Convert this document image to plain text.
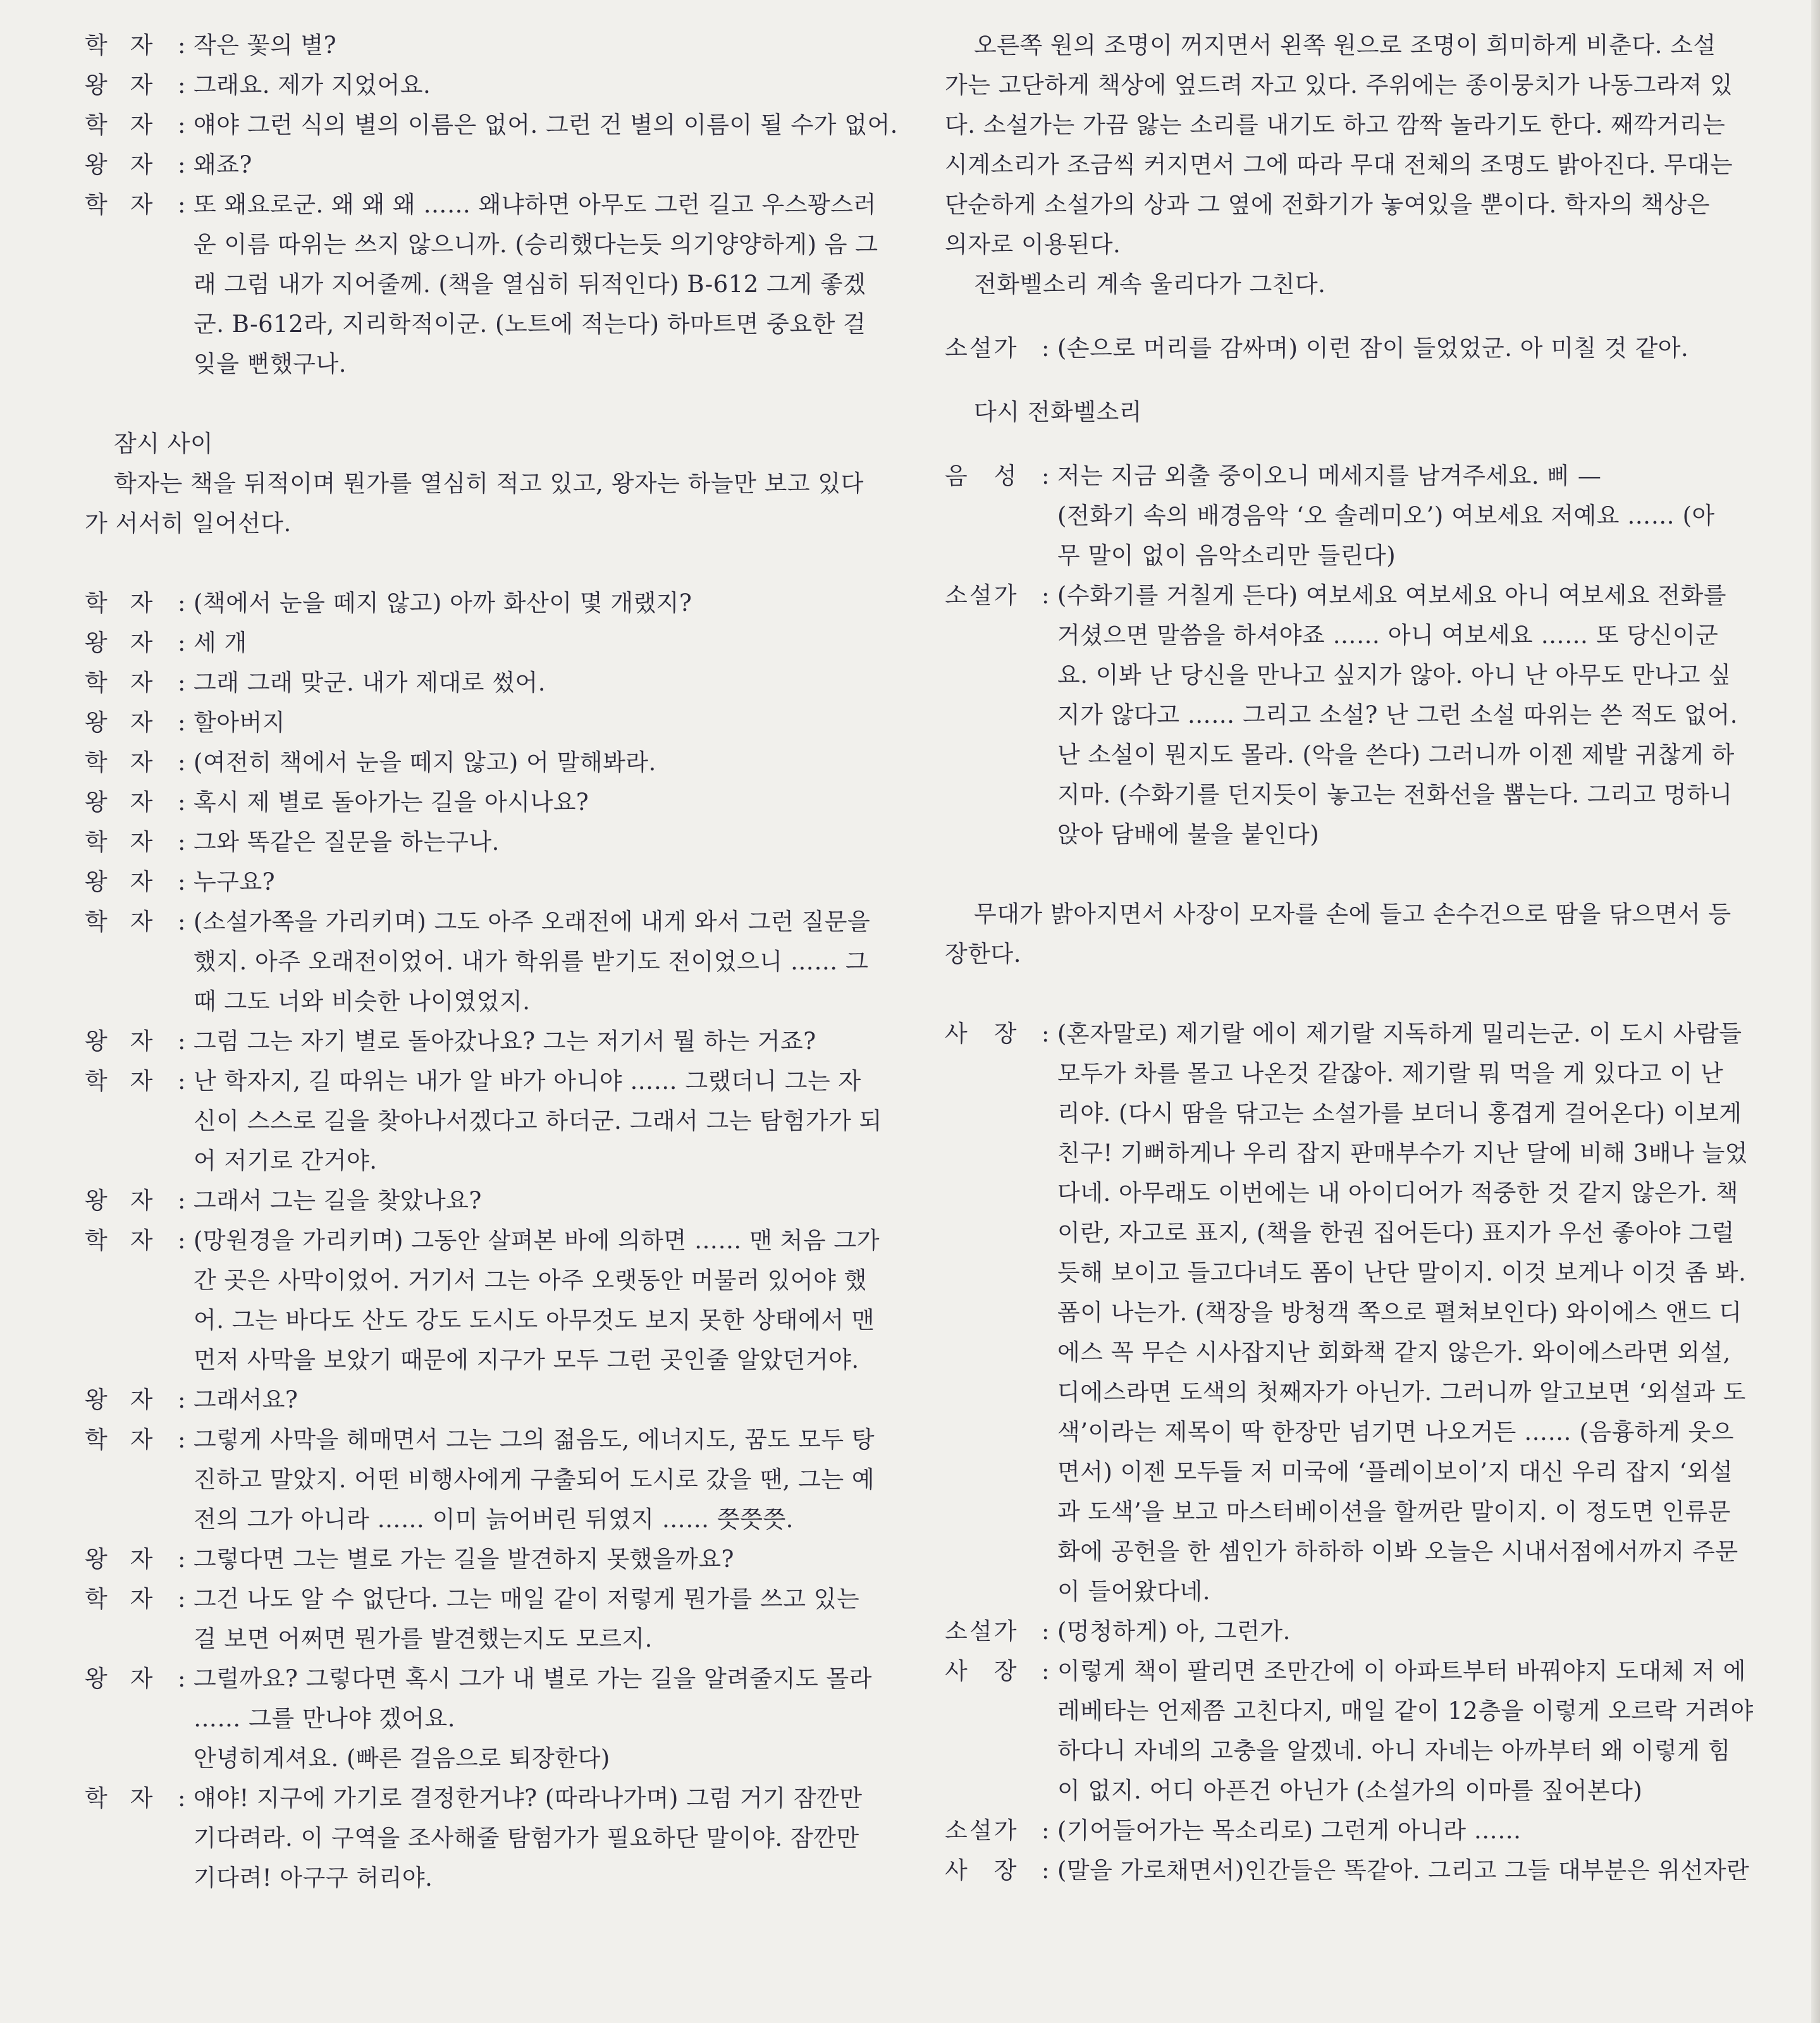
학 자 : 작은 꽃의 별?
왕 자 : 그래요. 제가 지었어요.
학 자 : 얘야 그런 식의 별의 이름은 없어. 그런 건 별의 이름이 될 수가 없어.
왕 자 : 왜죠?
학 자 : 또 왜요로군. 왜 왜 왜 …… 왜냐하면 아무도 그런 길고 우스꽝스러
운 이름 따위는 쓰지 않으니까. (승리했다는듯 의기양양하게) 음 그
래 그럼 내가 지어줄께. (책을 열심히 뒤적인다) B-612 그게 좋겠
군. B-612라, 지리학적이군. (노트에 적는다) 하마트면 중요한 걸
잊을 뻔했구나.
잠시 사이
학자는 책을 뒤적이며 뭔가를 열심히 적고 있고, 왕자는 하늘만 보고 있다
가 서서히 일어선다.
학 자 : (책에서 눈을 떼지 않고) 아까 화산이 몇 개랬지?
왕 자 : 세 개
학 자 : 그래 그래 맞군. 내가 제대로 썼어.
왕 자 : 할아버지
학 자 : (여전히 책에서 눈을 떼지 않고) 어 말해봐라.
왕 자 : 혹시 제 별로 돌아가는 길을 아시나요?
학 자 : 그와 똑같은 질문을 하는구나.
왕 자 : 누구요?
학 자 : (소설가쪽을 가리키며) 그도 아주 오래전에 내게 와서 그런 질문을
했지. 아주 오래전이었어. 내가 학위를 받기도 전이었으니 …… 그
때 그도 너와 비슷한 나이였었지.
왕 자 : 그럼 그는 자기 별로 돌아갔나요? 그는 저기서 뭘 하는 거죠?
학 자 : 난 학자지, 길 따위는 내가 알 바가 아니야 …… 그랬더니 그는 자
신이 스스로 길을 찾아나서겠다고 하더군. 그래서 그는 탐험가가 되
어 저기로 간거야.
왕 자 : 그래서 그는 길을 찾았나요?
학 자 : (망원경을 가리키며) 그동안 살펴본 바에 의하면 …… 맨 처음 그가
간 곳은 사막이었어. 거기서 그는 아주 오랫동안 머물러 있어야 했
어. 그는 바다도 산도 강도 도시도 아무것도 보지 못한 상태에서 맨
먼저 사막을 보았기 때문에 지구가 모두 그런 곳인줄 알았던거야.
왕 자 : 그래서요?
학 자 : 그렇게 사막을 헤매면서 그는 그의 젊음도, 에너지도, 꿈도 모두 탕
진하고 말았지. 어떤 비행사에게 구출되어 도시로 갔을 땐, 그는 예
전의 그가 아니라 …… 이미 늙어버린 뒤였지 …… 쯧쯧쯧.
왕 자 : 그렇다면 그는 별로 가는 길을 발견하지 못했을까요?
학 자 : 그건 나도 알 수 없단다. 그는 매일 같이 저렇게 뭔가를 쓰고 있는
걸 보면 어쩌면 뭔가를 발견했는지도 모르지.
왕 자 : 그럴까요? 그렇다면 혹시 그가 내 별로 가는 길을 알려줄지도 몰라
…… 그를 만나야 겠어요.
안녕히계셔요. (빠른 걸음으로 퇴장한다)
학 자 : 얘야! 지구에 가기로 결정한거냐? (따라나가며) 그럼 거기 잠깐만
기다려라. 이 구역을 조사해줄 탐험가가 필요하단 말이야. 잠깐만
기다려! 아구구 허리야.
오른쪽 원의 조명이 꺼지면서 왼쪽 원으로 조명이 희미하게 비춘다. 소설
가는 고단하게 책상에 엎드려 자고 있다. 주위에는 종이뭉치가 나동그라져 있
다. 소설가는 가끔 앓는 소리를 내기도 하고 깜짝 놀라기도 한다. 째깍거리는
시계소리가 조금씩 커지면서 그에 따라 무대 전체의 조명도 밝아진다. 무대는
단순하게 소설가의 상과 그 옆에 전화기가 놓여있을 뿐이다. 학자의 책상은
의자로 이용된다.
전화벨소리 계속 울리다가 그친다.
소 설 가 : (손으로 머리를 감싸며) 이런 잠이 들었었군. 아 미칠 것 같아.
다시 전화벨소리
음 성 : 저는 지금 외출 중이오니 메세지를 남겨주세요. 삐 —
(전화기 속의 배경음악 ‘오 솔레미오’) 여보세요 저예요 …… (아
무 말이 없이 음악소리만 들린다)
소 설 가 : (수화기를 거칠게 든다) 여보세요 여보세요 아니 여보세요 전화를
거셨으면 말씀을 하셔야죠 …… 아니 여보세요 …… 또 당신이군
요. 이봐 난 당신을 만나고 싶지가 않아. 아니 난 아무도 만나고 싶
지가 않다고 …… 그리고 소설? 난 그런 소설 따위는 쓴 적도 없어.
난 소설이 뭔지도 몰라. (악을 쓴다) 그러니까 이젠 제발 귀찮게 하
지마. (수화기를 던지듯이 놓고는 전화선을 뽑는다. 그리고 멍하니
앉아 담배에 불을 붙인다)
무대가 밝아지면서 사장이 모자를 손에 들고 손수건으로 땀을 닦으면서 등
장한다.
사 장 : (혼자말로) 제기랄 에이 제기랄 지독하게 밀리는군. 이 도시 사람들
모두가 차를 몰고 나온것 같잖아. 제기랄 뭐 먹을 게 있다고 이 난
리야. (다시 땀을 닦고는 소설가를 보더니 홍겹게 걸어온다) 이보게
친구! 기뻐하게나 우리 잡지 판매부수가 지난 달에 비해 3배나 늘었
다네. 아무래도 이번에는 내 아이디어가 적중한 것 같지 않은가. 책
이란, 자고로 표지, (책을 한권 집어든다) 표지가 우선 좋아야 그럴
듯해 보이고 들고다녀도 폼이 난단 말이지. 이것 보게나 이것 좀 봐.
폼이 나는가. (책장을 방청객 쪽으로 펼쳐보인다) 와이에스 앤드 디
에스 꼭 무슨 시사잡지난 회화책 같지 않은가. 와이에스라면 외설,
디에스라면 도색의 첫째자가 아닌가. 그러니까 알고보면 ‘외설과 도
색’이라는 제목이 딱 한장만 넘기면 나오거든 …… (음흉하게 웃으
면서) 이젠 모두들 저 미국에 ‘플레이보이’지 대신 우리 잡지 ‘외설
과 도색’을 보고 마스터베이션을 할꺼란 말이지. 이 정도면 인류문
화에 공헌을 한 셈인가 하하하 이봐 오늘은 시내서점에서까지 주문
이 들어왔다네.
소 설 가 : (멍청하게) 아, 그런가.
사 장 : 이렇게 책이 팔리면 조만간에 이 아파트부터 바꿔야지 도대체 저 에
레베타는 언제쯤 고친다지, 매일 같이 12층을 이렇게 오르락 거려야
하다니 자네의 고충을 알겠네. 아니 자네는 아까부터 왜 이렇게 힘
이 없지. 어디 아픈건 아닌가 (소설가의 이마를 짚어본다)
소 설 가 : (기어들어가는 목소리로) 그런게 아니라 ……
사 장 : (말을 가로채면서)인간들은 똑같아. 그리고 그들 대부분은 위선자란
